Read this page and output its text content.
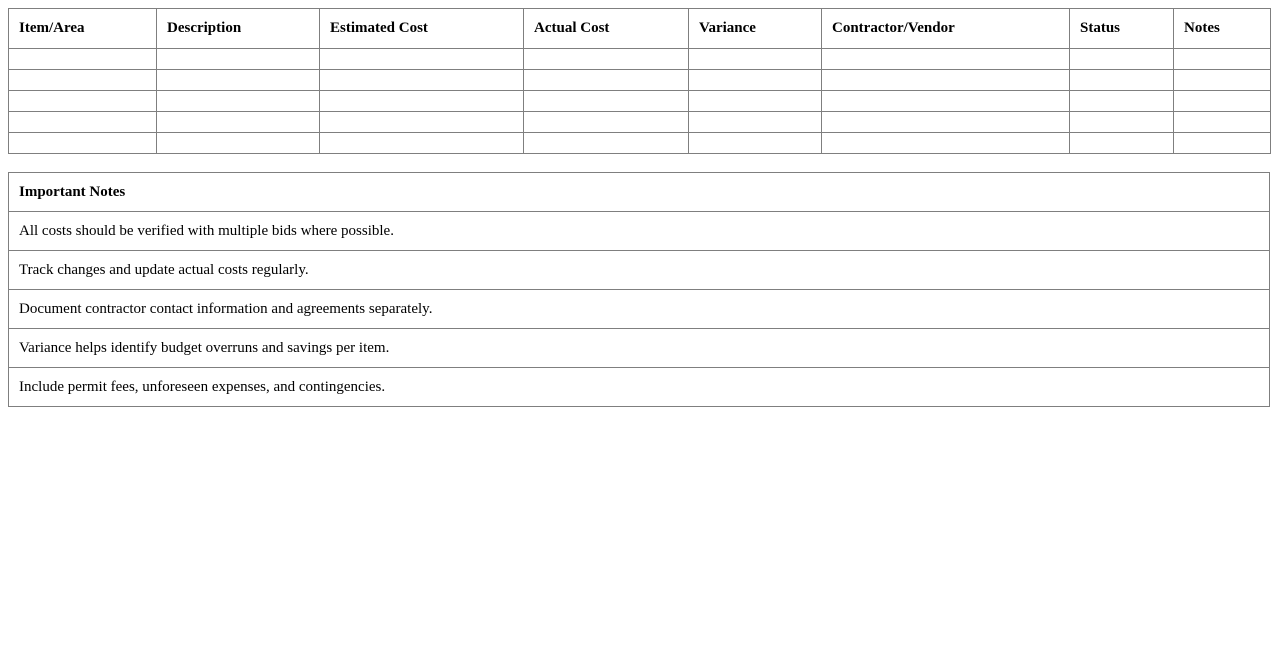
Item/Area	Description	Estimated Cost	Actual Cost	Variance	Contractor/Vendor	Status	Notes

Important Notes
All costs should be verified with multiple bids where possible.
Track changes and update actual costs regularly.
Document contractor contact information and agreements separately.
Variance helps identify budget overruns and savings per item.
Include permit fees, unforeseen expenses, and contingencies.
